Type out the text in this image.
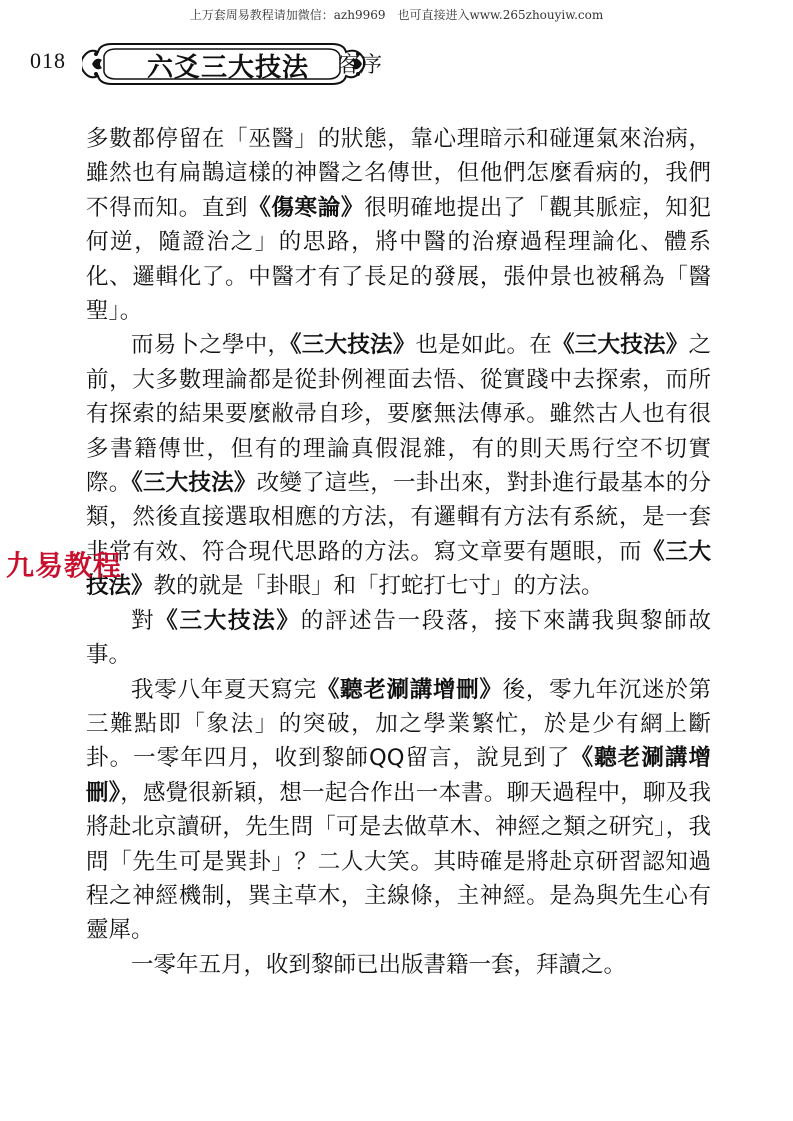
上万套周易教程请加微信：azh9969　也可直接进入www.265zhouyiw.com
018	六爻三大技法	客序

多數都停留在「巫醫」的狀態，靠心理暗示和碰運氣來治病，雖然也有扁鵲這樣的神醫之名傳世，但他們怎麼看病的，我們不得而知。直到《傷寒論》很明確地提出了「觀其脈症，知犯何逆，隨證治之」的思路，將中醫的治療過程理論化、體系化、邏輯化了。中醫才有了長足的發展，張仲景也被稱為「醫聖」。

而易卜之學中，《三大技法》也是如此。在《三大技法》之前，大多數理論都是從卦例裡面去悟、從實踐中去探索，而所有探索的結果要麼敝帚自珍，要麼無法傳承。雖然古人也有很多書籍傳世，但有的理論真假混雜，有的則天馬行空不切實際。《三大技法》改變了這些，一卦出來，對卦進行最基本的分類，然後直接選取相應的方法，有邏輯有方法有系統，是一套非常有效、符合現代思路的方法。寫文章要有題眼，而《三大技法》教的就是「卦眼」和「打蛇打七寸」的方法。

對《三大技法》的評述告一段落，接下來講我與黎師故事。

我零八年夏天寫完《聽老涮講增刪》後，零九年沉迷於第三難點即「象法」的突破，加之學業繁忙，於是少有網上斷卦。一零年四月，收到黎師QQ留言，說見到了《聽老涮講增刪》，感覺很新穎，想一起合作出一本書。聊天過程中，聊及我將赴北京讀研，先生問「可是去做草木、神經之類之研究」，我問「先生可是巽卦」？二人大笑。其時確是將赴京研習認知過程之神經機制，巽主草木，主線條，主神經。是為與先生心有靈犀。

一零年五月，收到黎師已出版書籍一套，拜讀之。

九易教程
